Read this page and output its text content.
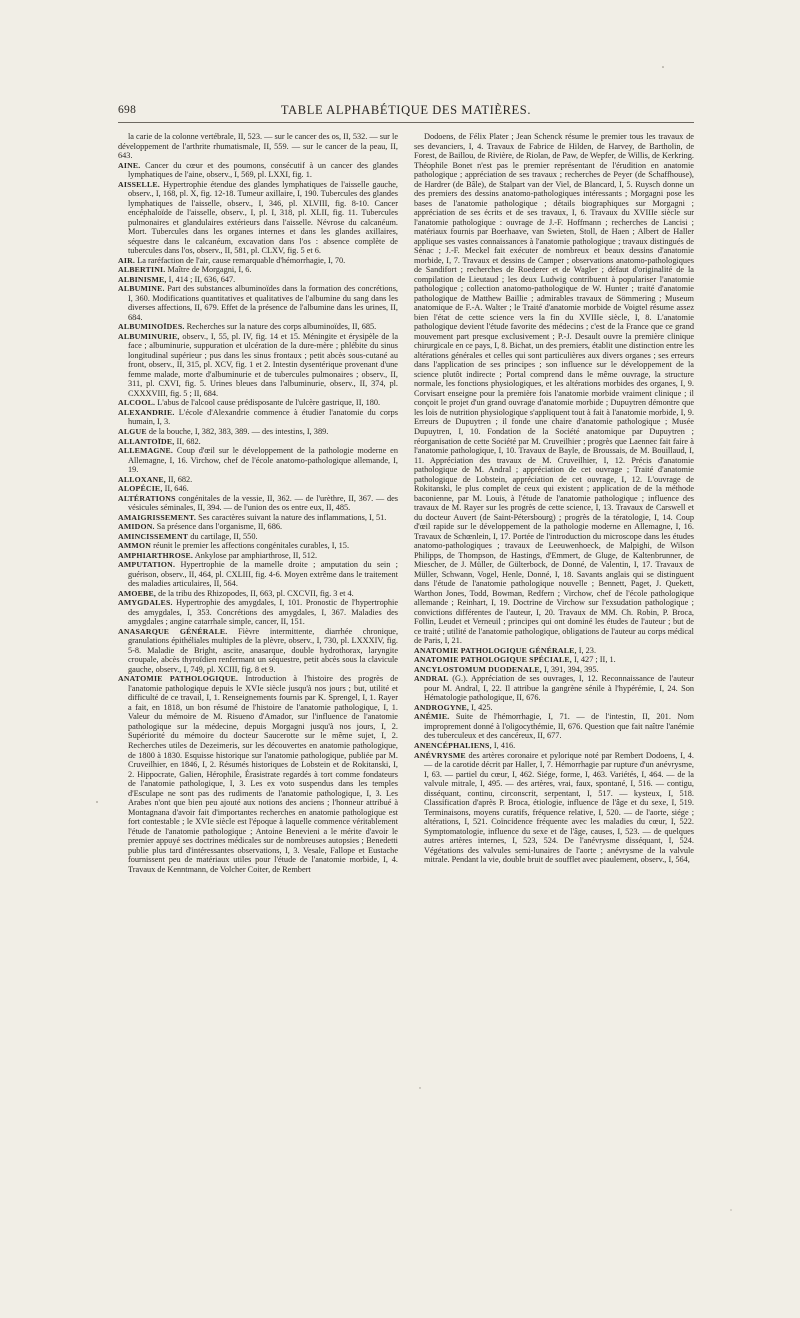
698	TABLE ALPHABÉTIQUE DES MATIÈRES.

la carie de la colonne vertébrale, II, 523. — sur le cancer des os, II, 532. — sur le développement de l'arthrite rhumatismale, II, 559. — sur le cancer de la peau, II, 643.

AINE. Cancer du cœur et des poumons, consécutif à un cancer des glandes lymphatiques de l'aine, observ., I, 569, pl. LXXI, fig. 1.

AISSELLE. Hypertrophie étendue des glandes lymphatiques de l'aisselle gauche, observ., I, 168, pl. X, fig. 12-18. Tumeur axillaire, I, 190. Tubercules des glandes lymphatiques de l'aisselle, observ., I, 346, pl. XLVIII, fig. 8-10. Cancer encéphaloïde de l'aisselle, observ., I, pl. I, 318, pl. XLII, fig. 11. Tubercules pulmonaires et glandulaires extérieurs dans l'aisselle. Névrose du calcanéum. Mort. Tubercules dans les organes internes et dans les glandes axillaires, séquestre dans le calcanéum, excavation dans l'os : absence complète de tubercules dans l'os, observ., II, 581, pl. CLXV, fig. 5 et 6.

AIR. La raréfaction de l'air, cause remarquable d'hémorrhagie, I, 70.

ALBERTINI. Maître de Morgagni, I, 6.

ALBINISME, I, 414 ; II, 636, 647.

ALBUMINE. Part des substances albuminoïdes dans la formation des concrétions, I, 360. Modifications quantitatives et qualitatives de l'albumine du sang dans les diverses affections, II, 679. Effet de la présence de l'albumine dans les urines, II, 684.

ALBUMINOÏDES. Recherches sur la nature des corps albuminoïdes, II, 685.

ALBUMINURIE, observ., I, 55, pl. IV, fig. 14 et 15. Méningite et érysipèle de la face ; albuminurie, suppuration et ulcération de la dure-mère ; phlébite du sinus longitudinal supérieur ; pus dans les sinus frontaux ; petit abcès sous-cutané au front, observ., II, 315, pl. XCV, fig. 1 et 2. Intestin dysentérique provenant d'une femme malade, morte d'albuminurie et de tubercules pulmonaires ; observ., II, 311, pl. CXVI, fig. 5. Urines bleues dans l'albuminurie, observ., II, 374, pl. CXXXVIII, fig. 5 ; II, 684.

ALCOOL. L'abus de l'alcool cause prédisposante de l'ulcère gastrique, II, 180.

ALEXANDRIE. L'école d'Alexandrie commence à étudier l'anatomie du corps humain, I, 3.

ALGUE de la bouche, I, 382, 383, 389. — des intestins, I, 389.

ALLANTOÏDE, II, 682.

ALLEMAGNE. Coup d'œil sur le développement de la pathologie moderne en Allemagne, I, 16. Virchow, chef de l'école anatomo-pathologique allemande, I, 19.

ALLOXANE, II, 682.

ALOPÉCIE, II, 646.

ALTÉRATIONS congénitales de la vessie, II, 362. — de l'urèthre, II, 367. — des vésicules séminales, II, 394. — de l'union des os entre eux, II, 485.

AMAIGRISSEMENT. Ses caractères suivant la nature des inflammations, I, 51.

AMIDON. Sa présence dans l'organisme, II, 686.

AMINCISSEMENT du cartilage, II, 550.

AMMON réunit le premier les affections congénitales curables, I, 15.

AMPHIARTHROSE. Ankylose par amphiarthrose, II, 512.

AMPUTATION. Hypertrophie de la mamelle droite ; amputation du sein ; guérison, observ., II, 464, pl. CXLIII, fig. 4-6. Moyen extrême dans le traitement des maladies articulaires, II, 564.

AMOEBE, de la tribu des Rhizopodes, II, 663, pl. CXCVII, fig. 3 et 4.

AMYGDALES. Hypertrophie des amygdales, I, 101. Pronostic de l'hypertrophie des amygdales, I, 353. Concrétions des amygdales, I, 367. Maladies des amygdales ; angine catarrhale simple, cancer, II, 151.

ANASARQUE GÉNÉRALE. Fièvre intermittente, diarrhée chronique, granulations épithéliales multiples de la plèvre, observ., I, 730, pl. LXXXIV, fig. 5-8. Maladie de Bright, ascite, anasarque, double hydrothorax, laryngite croupale, abcès thyroïdien renfermant un séquestre, petit abcès sous la clavicule gauche, observ., I, 749, pl. XCIII, fig. 8 et 9.

ANATOMIE PATHOLOGIQUE. Introduction à l'histoire des progrès de l'anatomie pathologique depuis le XVIe siècle jusqu'à nos jours ; but, utilité et difficulté de ce travail, I, 1. Renseignements fournis par K. Sprengel, I, 1. Rayer a fait, en 1818, un bon résumé de l'histoire de l'anatomie pathologique, I, 1. Valeur du mémoire de M. Risueno d'Amador, sur l'influence de l'anatomie pathologique sur la médecine, depuis Morgagni jusqu'à nos jours, I, 2. Supériorité du mémoire du docteur Saucerotte sur le même sujet, I, 2. Recherches utiles de Dezeimeris, sur les découvertes en anatomie pathologique, de 1800 à 1830. Esquisse historique sur l'anatomie pathologique, publiée par M. Cruveilhier, en 1846, I, 2. Résumés historiques de Lobstein et de Rokitanski, I, 2. Hippocrate, Galien, Hérophile, Érasistrate regardés à tort comme fondateurs de l'anatomie pathologique, I, 3. Les ex voto suspendus dans les temples d'Esculape ne sont pas des rudiments de l'anatomie pathologique, I, 3. Les Arabes n'ont que bien peu ajouté aux notions des anciens ; l'honneur attribué à Montagnana d'avoir fait d'importantes recherches en anatomie pathologique est fort contestable ; le XVIe siècle est l'époque à laquelle commence véritablement l'étude de l'anatomie pathologique ; Antoine Benevieni a le mérite d'avoir le premier appuyé ses doctrines médicales sur de nombreuses autopsies ; Benedetti publie plus tard d'intéressantes observations, I, 3. Vesale, Fallope et Eustache fournissent peu de matériaux utiles pour l'étude de l'anatomie morbide, I, 4. Travaux de Kenntmann, de Volcher Coiter, de Rembert

Dodoens, de Félix Plater ; Jean Schenck résume le premier tous les travaux de ses devanciers, I, 4. Travaux de Fabrice de Hilden, de Harvey, de Bartholin, de Forest, de Baillou, de Rivière, de Riolan, de Paw, de Wepfer, de Willis, de Kerkring. Théophile Bonet n'est pas le premier représentant de l'érudition en anatomie pathologique ; appréciation de ses travaux ; recherches de Peyer (de Schaffhouse), de Hardrer (de Bâle), de Stalpart van der Viel, de Blancard, I, 5. Ruysch donne un des premiers des dessins anatomo-pathologiques intéressants ; Morgagni pose les bases de l'anatomie pathologique ; détails biographiques sur Morgagni ; appréciation de ses écrits et de ses travaux, I, 6. Travaux du XVIIIe siècle sur l'anatomie pathologique : ouvrage de J.-F. Hoffmann ; recherches de Lancisi ; matériaux fournis par Boerhaave, van Swieten, Stoll, de Haen ; Albert de Haller applique ses vastes connaissances à l'anatomie pathologique ; travaux distingués de Sénac ; J.-F. Meckel fait exécuter de nombreux et beaux dessins d'anatomie morbide, I, 7. Travaux et dessins de Camper ; observations anatomo-pathologiques de Sandifort ; recherches de Roederer et de Wagler ; défaut d'originalité de la compilation de Lieutaud ; les deux Ludwig contribuent à populariser l'anatomie pathologique ; collection anatomo-pathologique de W. Hunter ; traité d'anatomie pathologique de Matthew Baillie ; admirables travaux de Sömmering ; Museum anatomique de F.-A. Walter ; le Traité d'anatomie morbide de Voigtel résume assez bien l'état de cette science vers la fin du XVIIIe siècle, I, 8. L'anatomie pathologique devient l'étude favorite des médecins ; c'est de la France que ce grand mouvement part presque exclusivement ; P.-J. Desault ouvre la première clinique chirurgicale en ce pays, I, 8. Bichat, un des premiers, établit une distinction entre les altérations générales et celles qui sont particulières aux divers organes ; ses erreurs dans l'application de ses principes ; son influence sur le développement de la science plutôt indirecte ; Portal comprend dans le même ouvrage, la structure normale, les fonctions physiologiques, et les altérations morbides des organes, I, 9. Corvisart enseigne pour la première fois l'anatomie morbide vraiment clinique ; il conçoit le projet d'un grand ouvrage d'anatomie morbide ; Dupuytren démontre que les lois de nutrition physiologique s'appliquent tout à fait à l'anatomie morbide, I, 9. Erreurs de Dupuytren ; il fonde une chaire d'anatomie pathologique ; Musée Dupuytren, I, 10. Fondation de la Société anatomique par Dupuytren ; réorganisation de cette Société par M. Cruveilhier ; progrès que Laennec fait faire à l'anatomie pathologique, I, 10. Travaux de Bayle, de Broussais, de M. Bouillaud, I, 11. Appréciation des travaux de M. Cruveilhier, I, 12. Précis d'anatomie pathologique de M. Andral ; appréciation de cet ouvrage ; Traité d'anatomie pathologique de Lobstein, appréciation de cet ouvrage, I, 12. L'ouvrage de Rokitanski, le plus complet de ceux qui existent ; application de de la méthode baconienne, par M. Louis, à l'étude de l'anatomie pathologique ; influence des travaux de M. Rayer sur les progrès de cette science, I, 13. Travaux de Carswell et du docteur Auvert (de Saint-Pétersbourg) ; progrès de la tératologie, I, 14. Coup d'œil rapide sur le développement de la pathologie moderne en Allemagne, I, 16. Travaux de Schœnlein, I, 17. Portée de l'introduction du microscope dans les études anatomo-pathologiques ; travaux de Leeuwenhoeck, de Malpighi, de Wilson Philipps, de Thompson, de Hastings, d'Emmert, de Gluge, de Kaltenbrunner, de Miescher, de J. Müller, de Gülterbock, de Donné, de Valentin, I, 17. Travaux de Müller, Schwann, Vogel, Henle, Donné, I, 18. Savants anglais qui se distinguent dans l'étude de l'anatomie pathologique nouvelle ; Bennett, Paget, J. Quekett, Warthon Jones, Todd, Bowman, Redfern ; Virchow, chef de l'école pathologique allemande ; Reinhart, I, 19. Doctrine de Virchow sur l'exsudation pathologique ; convictions différentes de l'auteur, I, 20. Travaux de MM. Ch. Robin, P. Broca, Follin, Leudet et Verneuil ; principes qui ont dominé les études de l'auteur ; but de ce traité ; utilité de l'anatomie pathologique, obligations de l'auteur au corps médical de Paris, I, 21.

ANATOMIE PATHOLOGIQUE GÉNÉRALE, I, 23.

ANATOMIE PATHOLOGIQUE SPÉCIALE, I, 427 ; II, 1.

ANCYLOSTOMUM DUODENALE, I, 391, 394, 395.

ANDRAL (G.). Appréciation de ses ouvrages, I, 12. Reconnaissance de l'auteur pour M. Andral, I, 22. Il attribue la gangrène sénile à l'hypérémie, I, 24. Son Hématologie pathologique, II, 676.

ANDROGYNE, I, 425.

ANÉMIE. Suite de l'hémorrhagie, I, 71. — de l'intestin, II, 201. Nom improprement donné à l'oligocythémie, II, 676. Question que fait naître l'anémie des tuberculeux et des cancéreux, II, 677.

ANENCÉPHALIENS, I, 416.

ANÉVRYSME des artères coronaire et pylorique noté par Rembert Dodoens, I, 4. — de la carotide décrit par Haller, I, 7. Hémorrhagie par rupture d'un anévrysme, I, 63. — partiel du cœur, I, 462. Siége, forme, I, 463. Variétés, I, 464. — de la valvule mitrale, I, 495. — des artères, vrai, faux, spontané, I, 516. — contigu, disséquant, continu, circonscrit, serpentant, I, 517. — kysteux, I, 518. Classification d'après P. Broca, étiologie, influence de l'âge et du sexe, I, 519. Terminaisons, moyens curatifs, fréquence relative, I, 520. — de l'aorte, siége ; altérations, I, 521. Coïncidence fréquente avec les maladies du cœur, I, 522. Symptomatologie, influence du sexe et de l'âge, causes, I, 523. — de quelques autres artères internes, I, 523, 524. De l'anévrysme disséquant, I, 524. Végétations des valvules semi-lunaires de l'aorte ; anévrysme de la valvule mitrale. Pendant la vie, double bruit de soufflet avec piaulement, observ., I, 564,
